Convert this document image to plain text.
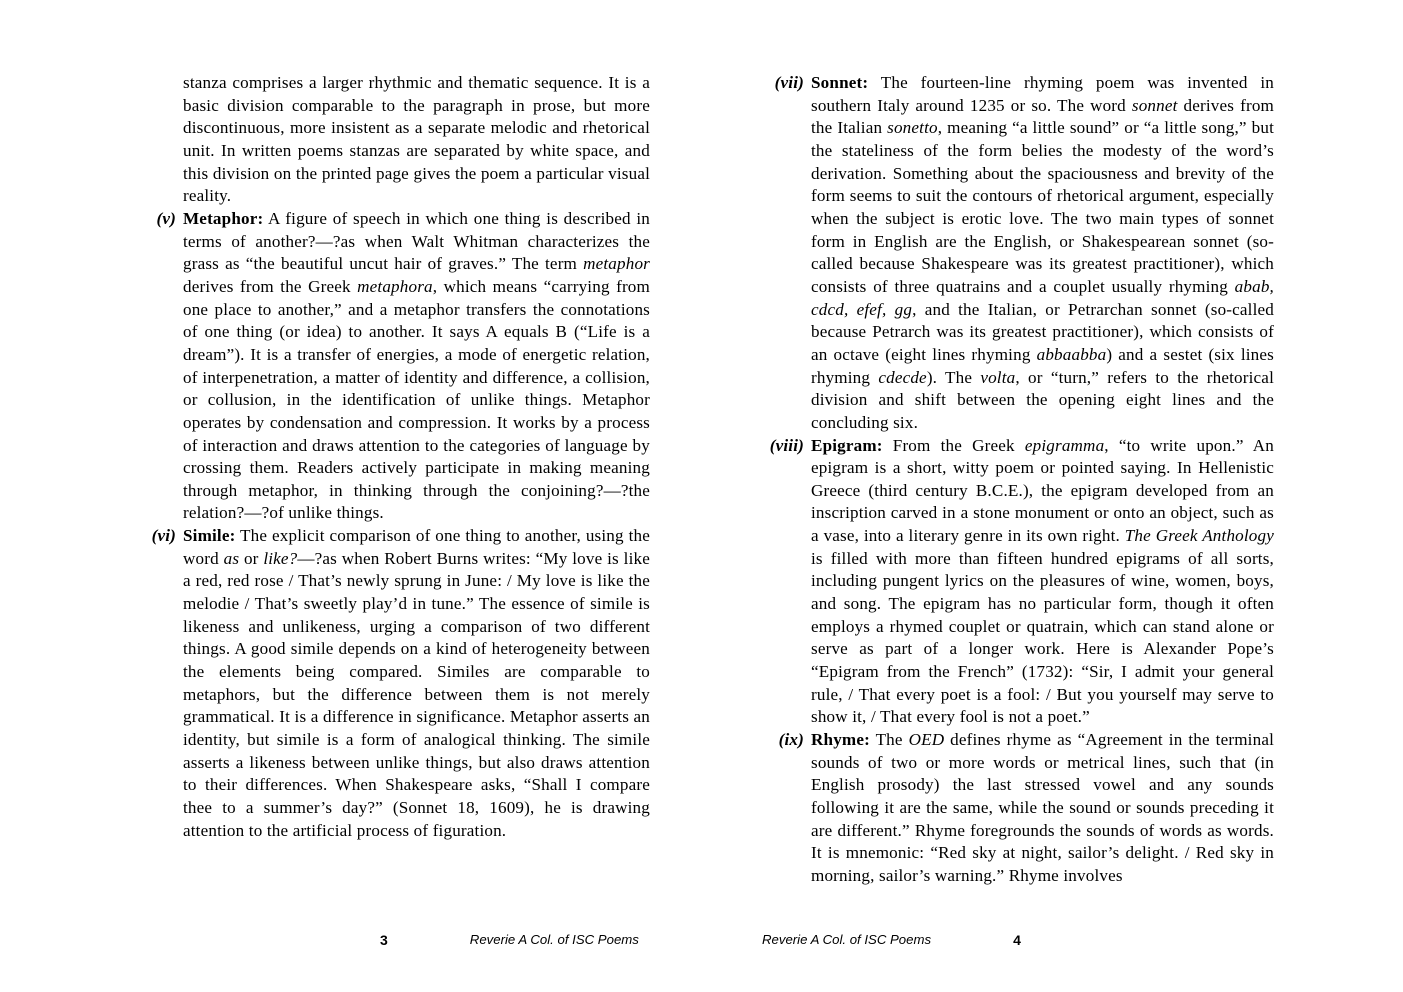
stanza comprises a larger rhythmic and thematic sequence. It is a basic division comparable to the paragraph in prose, but more discontinuous, more insistent as a separate melodic and rhetorical unit. In written poems stanzas are separated by white space, and this division on the printed page gives the poem a particular visual reality.

(v) Metaphor: A figure of speech in which one thing is described in terms of another?—?as when Walt Whitman characterizes the grass as “the beautiful uncut hair of graves.” The term metaphor derives from the Greek metaphora, which means “carrying from one place to another,” and a metaphor transfers the connotations of one thing (or idea) to another. It says A equals B (“Life is a dream”). It is a transfer of energies, a mode of energetic relation, of interpenetration, a matter of identity and difference, a collision, or collusion, in the identification of unlike things. Metaphor operates by condensation and compression. It works by a process of interaction and draws attention to the categories of language by crossing them. Readers actively participate in making meaning through metaphor, in thinking through the conjoining?—?the relation?—?of unlike things.

(vi) Simile: The explicit comparison of one thing to another, using the word as or like?—?as when Robert Burns writes: “My love is like a red, red rose / That’s newly sprung in June: / My love is like the melodie / That’s sweetly play’d in tune.” The essence of simile is likeness and unlikeness, urging a comparison of two different things. A good simile depends on a kind of heterogeneity between the elements being compared. Similes are comparable to metaphors, but the difference between them is not merely grammatical. It is a difference in significance. Metaphor asserts an identity, but simile is a form of analogical thinking. The simile asserts a likeness between unlike things, but also draws attention to their differences. When Shakespeare asks, “Shall I compare thee to a summer’s day?” (Sonnet 18, 1609), he is drawing attention to the artificial process of figuration.

3	Reverie A Col. of ISC Poems

(vii) Sonnet: The fourteen-line rhyming poem was invented in southern Italy around 1235 or so. The word sonnet derives from the Italian sonetto, meaning “a little sound” or “a little song,” but the stateliness of the form belies the modesty of the word’s derivation. Something about the spaciousness and brevity of the form seems to suit the contours of rhetorical argument, especially when the subject is erotic love. The two main types of sonnet form in English are the English, or Shakespearean sonnet (so-called because Shakespeare was its greatest practitioner), which consists of three quatrains and a couplet usually rhyming abab, cdcd, efef, gg, and the Italian, or Petrarchan sonnet (so-called because Petrarch was its greatest practitioner), which consists of an octave (eight lines rhyming abbaabba) and a sestet (six lines rhyming cdecde). The volta, or “turn,” refers to the rhetorical division and shift between the opening eight lines and the concluding six.

(viii) Epigram: From the Greek epigramma, “to write upon.” An epigram is a short, witty poem or pointed saying. In Hellenistic Greece (third century B.C.E.), the epigram developed from an inscription carved in a stone monument or onto an object, such as a vase, into a literary genre in its own right. The Greek Anthology is filled with more than fifteen hundred epigrams of all sorts, including pungent lyrics on the pleasures of wine, women, boys, and song. The epigram has no particular form, though it often employs a rhymed couplet or quatrain, which can stand alone or serve as part of a longer work. Here is Alexander Pope’s “Epigram from the French” (1732): “Sir, I admit your general rule, / That every poet is a fool: / But you yourself may serve to show it, / That every fool is not a poet.”

(ix) Rhyme: The OED defines rhyme as “Agreement in the terminal sounds of two or more words or metrical lines, such that (in English prosody) the last stressed vowel and any sounds following it are the same, while the sound or sounds preceding it are different.” Rhyme foregrounds the sounds of words as words. It is mnemonic: “Red sky at night, sailor’s delight. / Red sky in morning, sailor’s warning.” Rhyme involves

Reverie A Col. of ISC Poems	4
